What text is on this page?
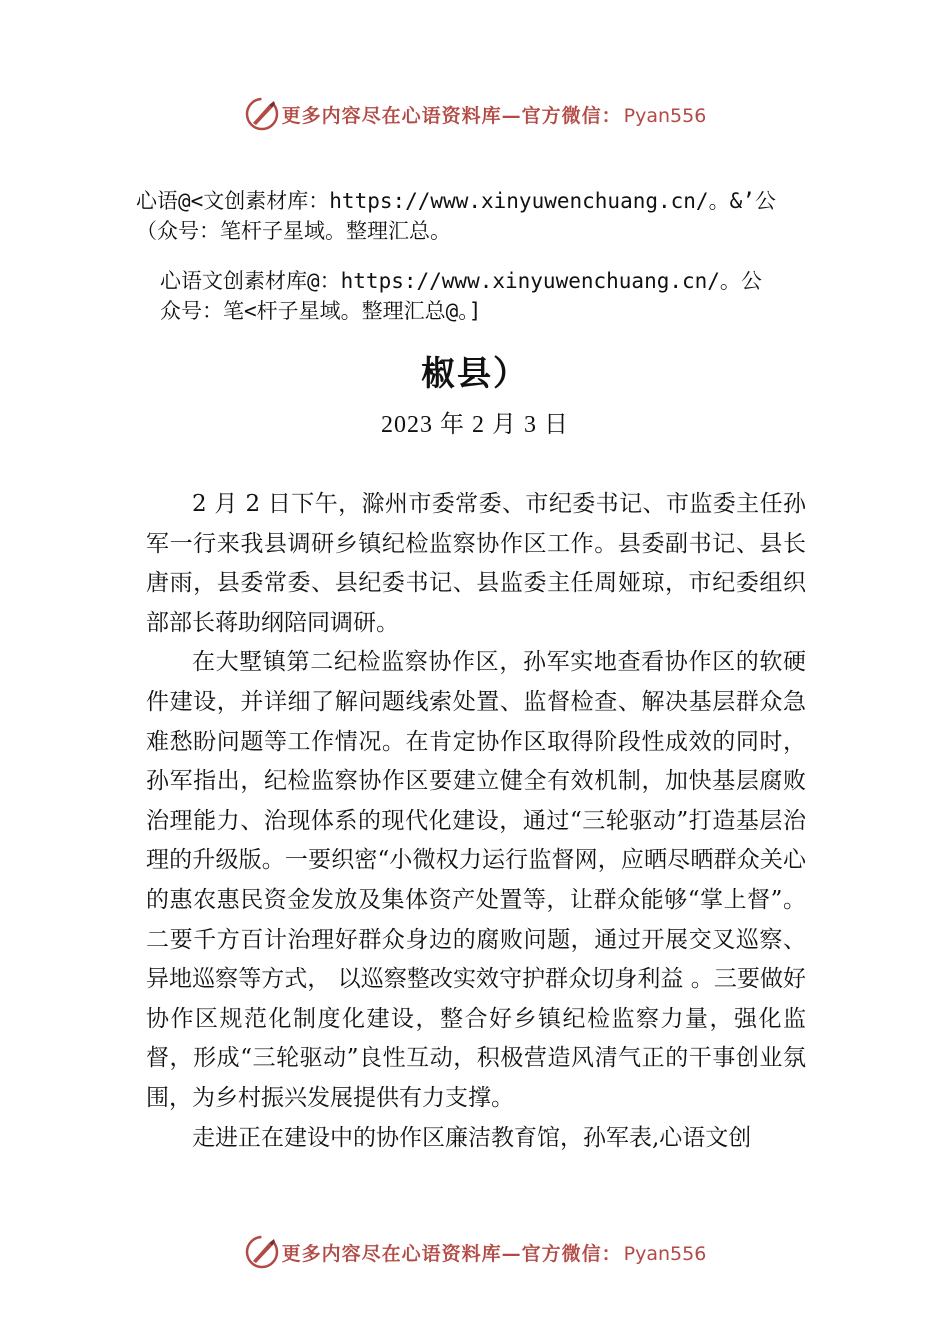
更多内容尽在心语资料库—官方微信： Pyan556
心语@<文创素材库：https://www.xinyuwenchuang.cn/。&’公
（众号：笔杆子星域。整理汇总。
心语文创素材库@：https://www.xinyuwenchuang.cn/。公
众号：笔<杆子星域。整理汇总@。]
椒县）
2023 年 2 月 3 日

2 月 2 日下午，滁州市委常委、市纪委书记、市监委主任孙军一行来我县调研乡镇纪检监察协作区工作。县委副书记、县长唐雨，县委常委、县纪委书记、县监委主任周娅琼，市纪委组织部部长蒋助纲陪同调研。

在大墅镇第二纪检监察协作区，孙军实地查看协作区的软硬件建设，并详细了解问题线索处置、监督检查、解决基层群众急难愁盼问题等工作情况。在肯定协作区取得阶段性成效的同时，孙军指出，纪检监察协作区要建立健全有效机制，加快基层腐败治理能力、治现体系的现代化建设，通过“三轮驱动”打造基层治理的升级版。一要织密“小微权力运行监督网，应晒尽晒群众关心的惠农惠民资金发放及集体资产处置等，让群众能够“掌上督”。二要千方百计治理好群众身边的腐败问题，通过开展交叉巡察、异地巡察等方式， 以巡察整改实效守护群众切身利益 。三要做好协作区规范化制度化建设，整合好乡镇纪检监察力量，强化监督，形成“三轮驱动”良性互动，积极营造风清气正的干事创业氛围，为乡村振兴发展提供有力支撑。

走进正在建设中的协作区廉洁教育馆，孙军表,心语文创

更多内容尽在心语资料库—官方微信： Pyan556
